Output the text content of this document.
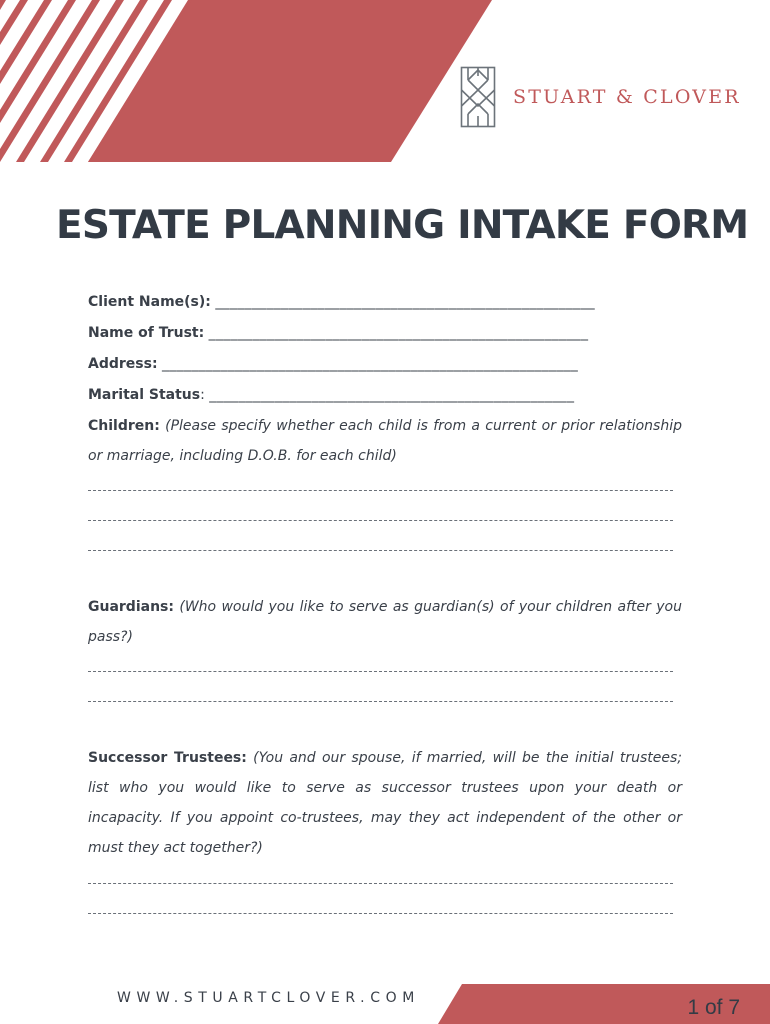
STUART & CLOVER
ESTATE PLANNING INTAKE FORM
Client Name(s): ____________________________________________________
Name of Trust: ____________________________________________________
Address: _________________________________________________________
Marital Status: __________________________________________________
Children: (Please specify whether each child is from a current or prior relationship or marriage, including D.O.B. for each child)
Guardians: (Who would you like to serve as guardian(s) of your children after you pass?)
Successor Trustees: (You and our spouse, if married, will be the initial trustees; list who you would like to serve as successor trustees upon your death or incapacity. If you appoint co-trustees, may they act independent of the other or must they act together?)
WWW.STUARTCLOVER.COM	1 of 7
